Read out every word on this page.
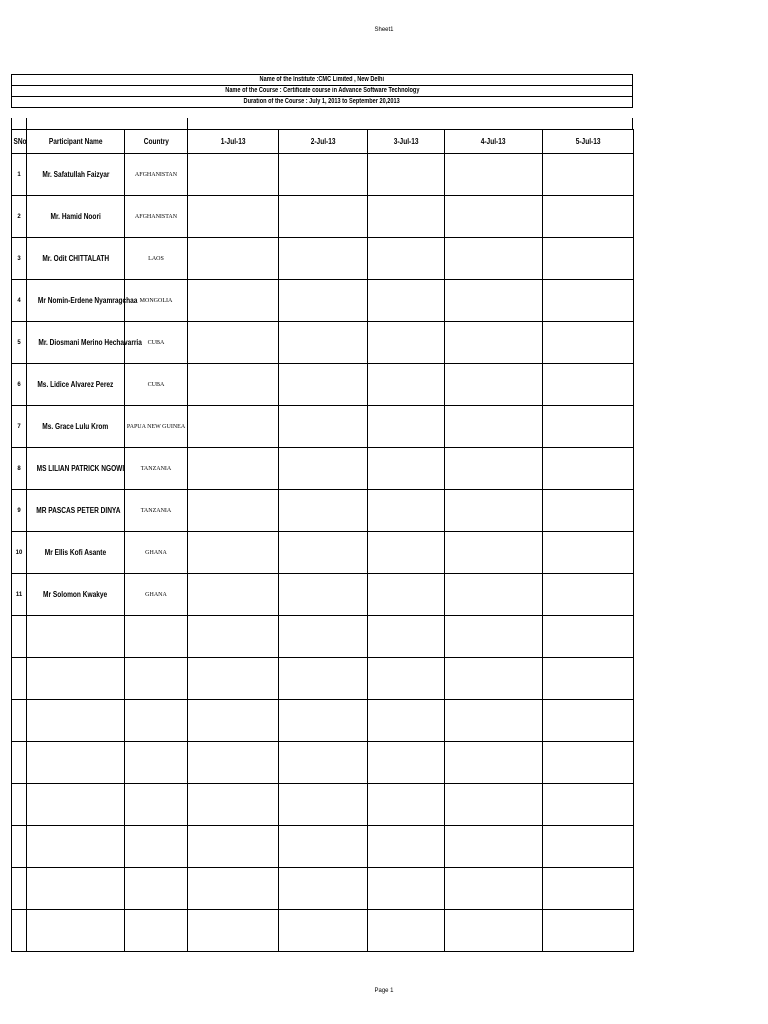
Sheet1
Name of the Institute :CMC Limited , New Delhi
Name of the Course : Certificate course in Advance Software Technology
Duration of the Course : July 1, 2013 to September 20,2013
SNo	Participant Name	Country	1-Jul-13	2-Jul-13	3-Jul-13	4-Jul-13	5-Jul-13
1	Mr. Safatullah Faizyar	AFGHANISTAN					
2	Mr. Hamid Noori	AFGHANISTAN					
3	Mr. Odit CHITTALATH	LAOS					
4	Mr Nomin-Erdene Nyamragchaa	MONGOLIA					
5	Mr. Diosmani Merino Hechavarria	CUBA					
6	Ms. Lidice Alvarez Perez	CUBA					
7	Ms. Grace Lulu Krom	PAPUA NEW GUINEA					
8	MS LILIAN PATRICK NGOWI	TANZANIA					
9	MR PASCAS PETER DINYA	TANZANIA					
10	Mr Ellis Kofi Asante	GHANA					
11	Mr Solomon Kwakye	GHANA					

Page 1
